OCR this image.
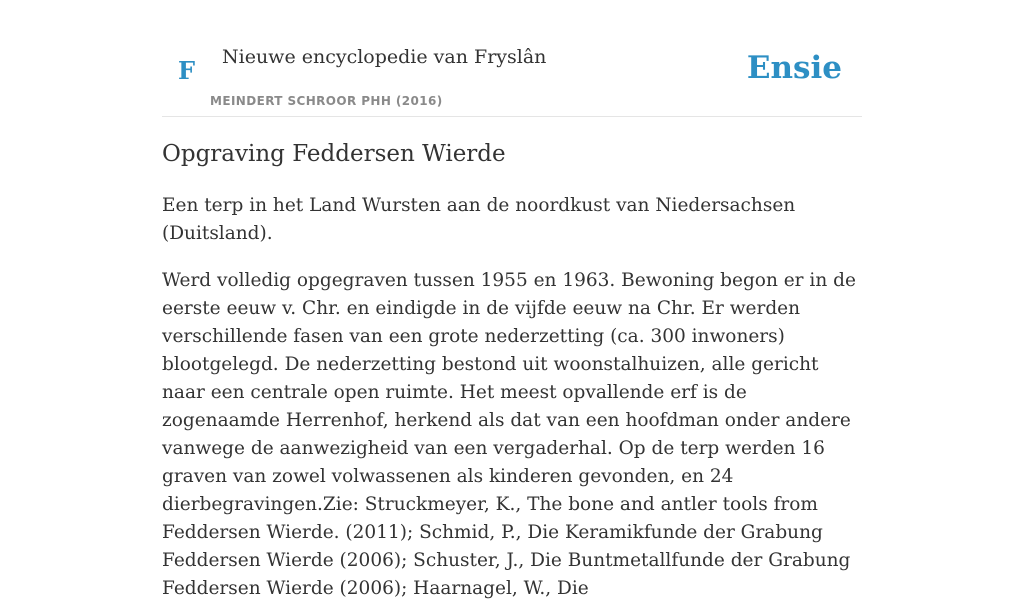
F Nieuwe encyclopedie van Fryslân
MEINDERT SCHROOR PHH (2016)
Ensie
Opgraving Feddersen Wierde

Een terp in het Land Wursten aan de noordkust van Niedersachsen (Duitsland).

Werd volledig opgegraven tussen 1955 en 1963. Bewoning begon er in de eerste eeuw v. Chr. en eindigde in de vijfde eeuw na Chr. Er werden verschillende fasen van een grote nederzetting (ca. 300 inwoners) blootgelegd. De nederzetting bestond uit woonstalhuizen, alle gericht naar een centrale open ruimte. Het meest opvallende erf is de zogenaamde Herrenhof, herkend als dat van een hoofdman onder andere vanwege de aanwezigheid van een vergaderhal. Op de terp werden 16 graven van zowel volwassenen als kinderen gevonden, en 24 dierbegravingen.Zie: Struckmeyer, K., The bone and antler tools from Feddersen Wierde. (2011); Schmid, P., Die Keramikfunde der Grabung Feddersen Wierde (2006); Schuster, J., Die Buntmetallfunde der Grabung Feddersen Wierde (2006); Haarnagel, W., Die
